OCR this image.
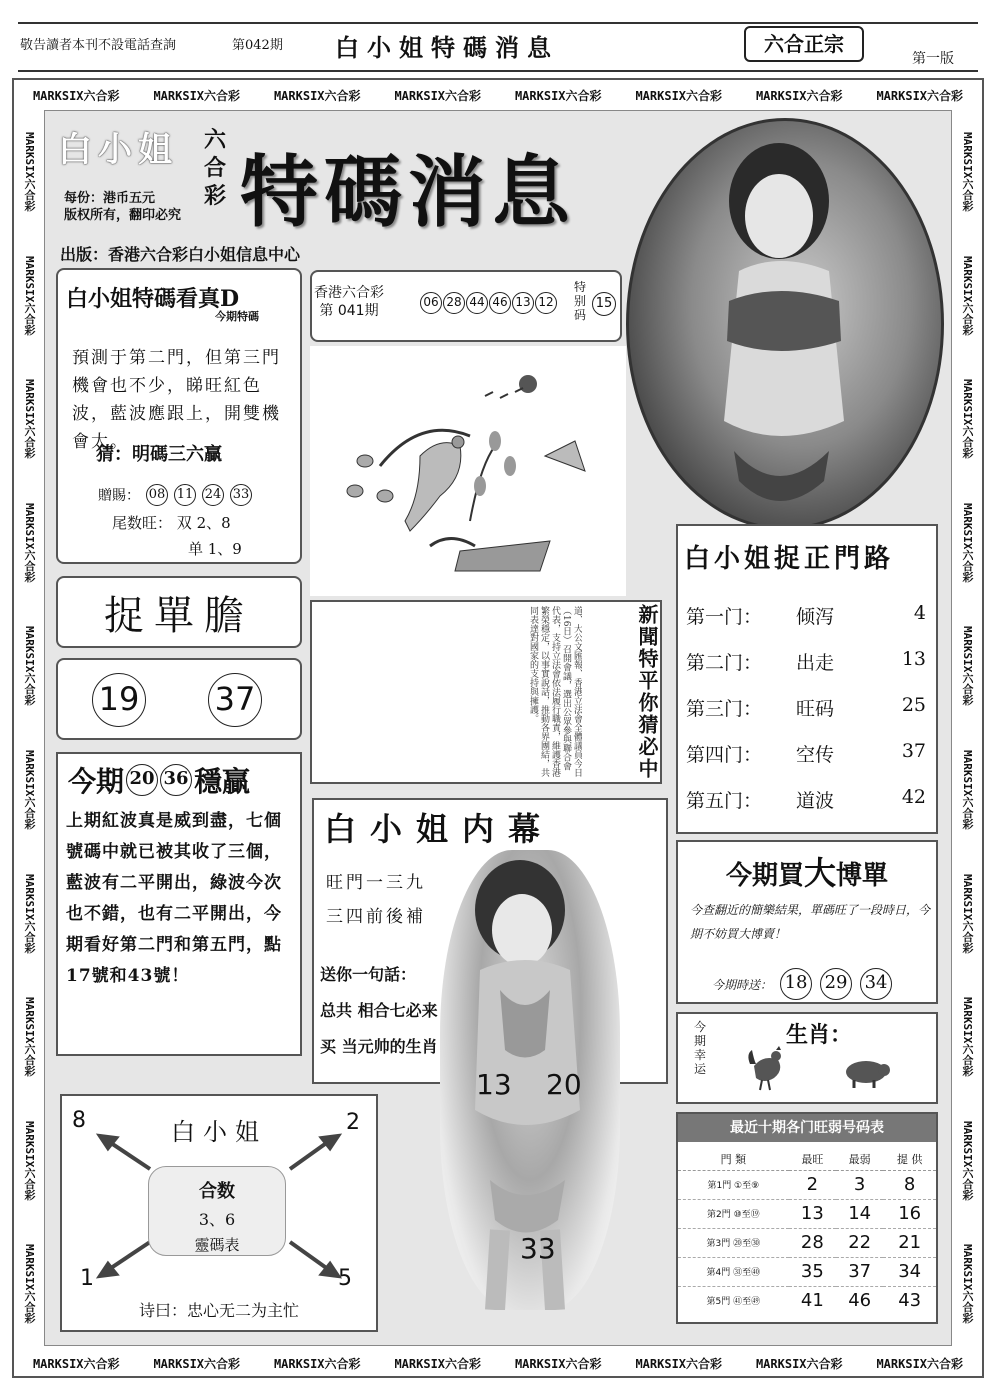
敬告讀者本刊不設電話查詢	第042期 白小姐特碼消息	六合正宗
第一版
MARKSIX六合彩	MARKSIX六合彩	MARKSIX六合彩	MARKSIX六合彩	MARKSIX六合彩	MARKSIX六合彩	MARKSIX六合彩	MARKSIX六合彩
MARKSIX六合彩	MARKSIX六合彩	MARKSIX六合彩	MARKSIX六合彩	MARKSIX六合彩	MARKSIX六合彩	MARKSIX六合彩	MARKSIX六合彩
MARKSIX六合彩
MARKSIX六合彩
MARKSIX六合彩
MARKSIX六合彩
MARKSIX六合彩
MARKSIX六合彩
MARKSIX六合彩
MARKSIX六合彩
MARKSIX六合彩
MARKSIX六合彩
MARKSIX六合彩
MARKSIX六合彩
MARKSIX六合彩
MARKSIX六合彩
MARKSIX六合彩
MARKSIX六合彩
MARKSIX六合彩
MARKSIX六合彩
MARKSIX六合彩
MARKSIX六合彩
白小姐 六合彩 特碼消息
每份：港币五元
版权所有，翻印必究
出版：香港六合彩白小姐信息中心
白小姐特碼看真D
今期特碼
預測于第二門，但第三門機會也不少，睇旺紅色波，藍波應跟上，開雙機會大。
猜：明碼三六贏
贈賜： 08 11 24 33
尾数旺： 双 2、8
单 1、9
香港六合彩
第 041期
06 28 44 46 13 12
特别码
15
捉單膽
19 37	道、大公文匯報、香港立法會全體議員今日（16日）召開會議，選出公眾參與聯合會代表，支持立法會依法履行職責，維護香港繁榮穩定，以事實說話，推動各界團結，共同表達對國家的支持與擁護。	新聞特平你猜必中
今期 20 36 穩贏
上期紅波真是威到盡，七個號碼中就已被其收了三個，藍波有二平開出，綠波今次也不錯，也有二平開出，今期看好第二門和第五門，點17號和43號！
白小姐
8	2
1	5
合数
3、6
靈碼表
诗曰：忠心无二为主忙
白小姐内幕
旺門一三九
三四前後補
送你一句話：
总共 相合七必来
买 当元帅的生肖
13 20
33
白小姐捉正門路
第一门：	倾泻	4
第二门：	出走	13
第三门：	旺码	25
第四门：	空传	37
第五门：	道波	42
今期買大博單
今查翻近的簡樂結果，單碼旺了一段時日，今期不妨買大博賣！
今期時送： 18 29 34
今期幸运
生肖：
最近十期各门旺弱号码表
門 類	最旺	最弱	提 供
第1門 ①至⑨	2	3	8
第2門 ⑩至⑲	13	14	16
第3門 ⑳至㉚	28	22	21
第4門 ㉛至㊵	35	37	34
第5門 ㊶至㊾	41	46	43
